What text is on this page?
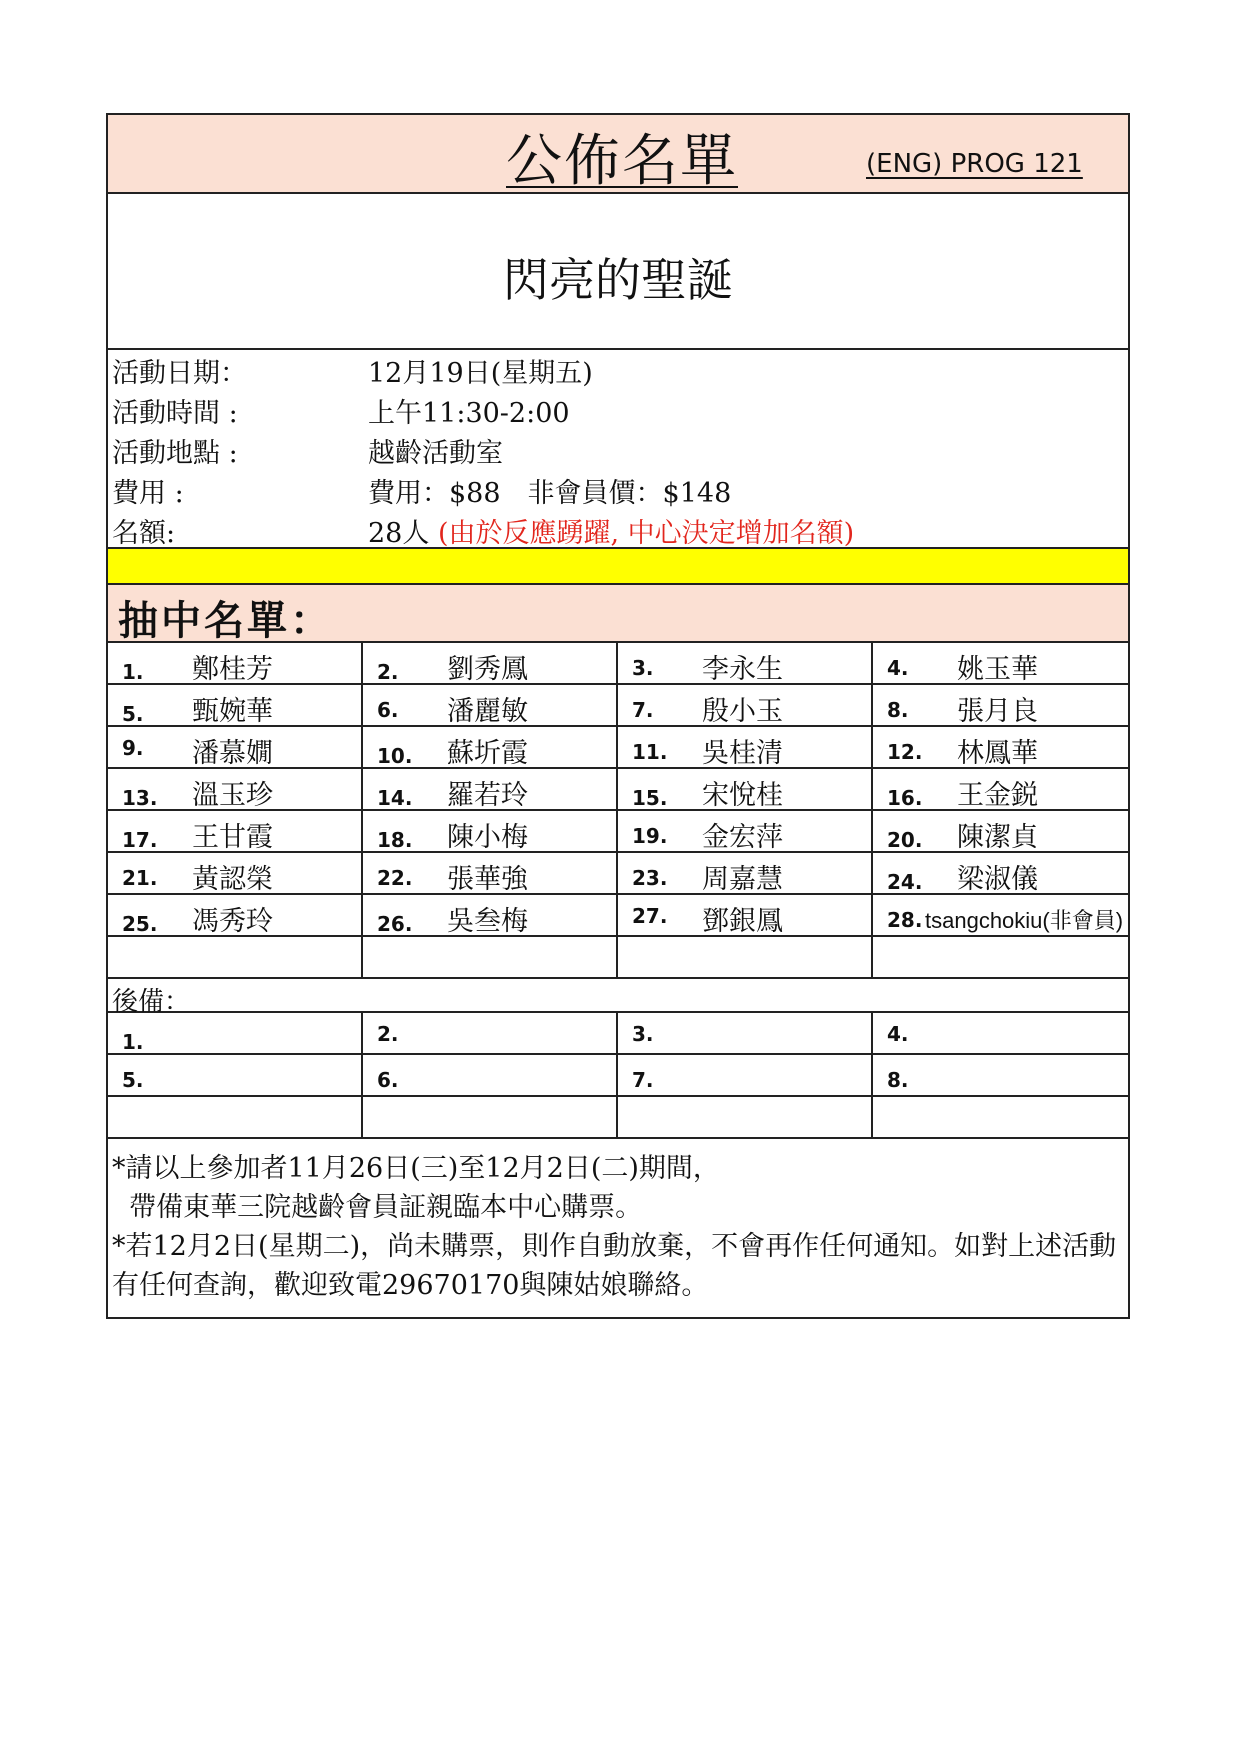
公佈名單	(ENG) PROG 121
閃亮的聖誕
活動日期：	12月19日(星期五)
活動時間 :	上午11:30-2:00
活動地點 :	越齡活動室
費用 :	費用：$88　非會員價：$148
名額:	28人 (由於反應踴躍, 中心決定增加名額)
抽中名單：
1. 鄭桂芳	2. 劉秀鳳	3. 李永生	4. 姚玉華
5. 甄婉華	6. 潘麗敏	7. 殷小玉	8. 張月良
9. 潘慕嫺	10. 蘇圻霞	11. 吳桂清	12. 林鳳華
13. 溫玉珍	14. 羅若玲	15. 宋悅桂	16. 王金鋭
17. 王甘霞	18. 陳小梅	19. 金宏萍	20. 陳潔貞
21. 黃認榮	22. 張華強	23. 周嘉慧	24. 梁淑儀
25. 馮秀玲	26. 吳叁梅	27. 鄧銀鳳	28. tsangchokiu(非會員)
後備：
1.	2.	3.	4.
5.	6.	7.	8.

*請以上參加者11月26日(三)至12月2日(二)期間，

帶備東華三院越齡會員証親臨本中心購票。

*若12月2日(星期二)，尚未購票，則作自動放棄，不會再作任何通知。如對上述活動有任何查詢，歡迎致電29670170與陳姑娘聯絡。
